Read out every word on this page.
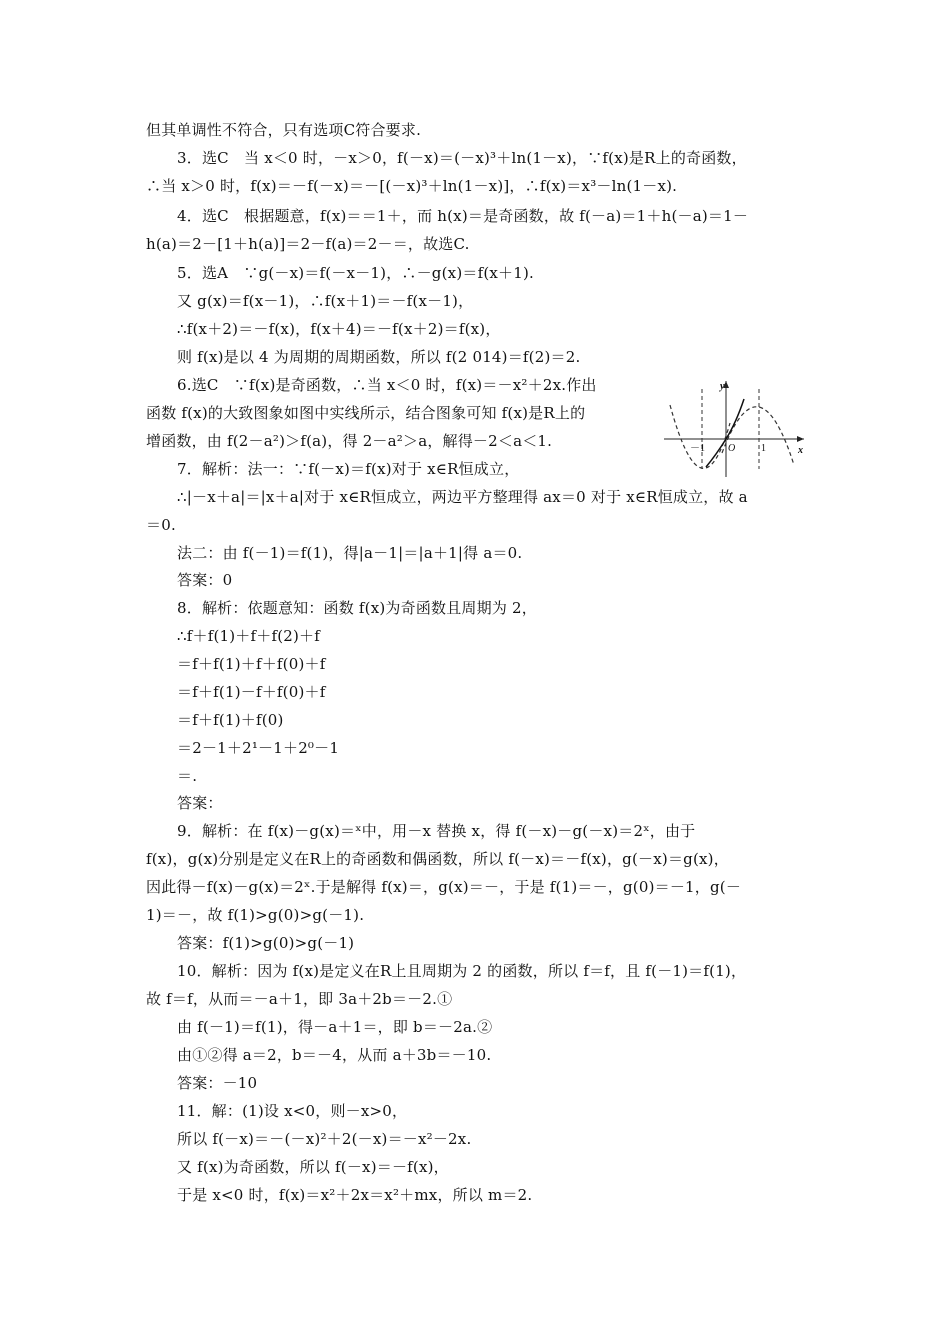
但其单调性不符合，只有选项C符合要求.
3．选C　当 x＜0 时，－x＞0，f(－x)＝(－x)³＋ln(1－x)，∵f(x)是R上的奇函数，
∴当 x＞0 时，f(x)＝－f(－x)＝－[(－x)³＋ln(1－x)]，∴f(x)＝x³－ln(1－x).
4．选C　根据题意，f(x)＝＝1＋，而 h(x)＝是奇函数，故 f(－a)＝1＋h(－a)＝1－
h(a)＝2－[1＋h(a)]＝2－f(a)＝2－＝，故选C.
5．选A　∵g(－x)＝f(－x－1)，∴－g(x)＝f(x＋1).
又 g(x)＝f(x－1)，∴f(x＋1)＝－f(x－1)，
∴f(x＋2)＝－f(x)，f(x＋4)＝－f(x＋2)＝f(x)，
则 f(x)是以 4 为周期的周期函数，所以 f(2 014)＝f(2)＝2.
6.选C　∵f(x)是奇函数，∴当 x＜0 时，f(x)＝－x²＋2x.作出
函数 f(x)的大致图象如图中实线所示，结合图象可知 f(x)是R上的
增函数，由 f(2－a²)＞f(a)，得 2－a²＞a，解得－2＜a＜1.
7．解析：法一：∵f(－x)＝f(x)对于 x∈R恒成立，
∴|－x＋a|＝|x＋a|对于 x∈R恒成立，两边平方整理得 ax＝0 对于 x∈R恒成立，故 a
＝0.
法二：由 f(－1)＝f(1)，得|a－1|＝|a＋1|得 a＝0.
答案：0
8．解析：依题意知：函数 f(x)为奇函数且周期为 2，
∴f＋f(1)＋f＋f(2)＋f
＝f＋f(1)＋f＋f(0)＋f
＝f＋f(1)－f＋f(0)＋f
＝f＋f(1)＋f(0)
＝2－1＋2¹－1＋2⁰－1
＝.
答案：
9．解析：在 f(x)－g(x)＝ˣ中，用－x 替换 x，得 f(－x)－g(－x)＝2ˣ，由于
f(x)，g(x)分别是定义在R上的奇函数和偶函数，所以 f(－x)＝－f(x)，g(－x)＝g(x)，
因此得－f(x)－g(x)＝2ˣ.于是解得 f(x)＝，g(x)＝－，于是 f(1)＝－，g(0)＝－1，g(－
1)＝－，故 f(1)>g(0)>g(－1).
答案：f(1)>g(0)>g(－1)
10．解析：因为 f(x)是定义在R上且周期为 2 的函数，所以 f＝f，且 f(－1)＝f(1)，
故 f＝f，从而＝－a＋1，即 3a＋2b＝－2.①
由 f(－1)＝f(1)，得－a＋1＝，即 b＝－2a.②
由①②得 a＝2，b＝－4，从而 a＋3b＝－10.
答案：－10
11．解：(1)设 x<0，则－x>0，
所以 f(－x)＝－(－x)²＋2(－x)＝－x²－2x.
又 f(x)为奇函数，所以 f(－x)＝－f(x)，
于是 x<0 时，f(x)＝x²＋2x＝x²＋mx，所以 m＝2.
y
x
O
－1	1
